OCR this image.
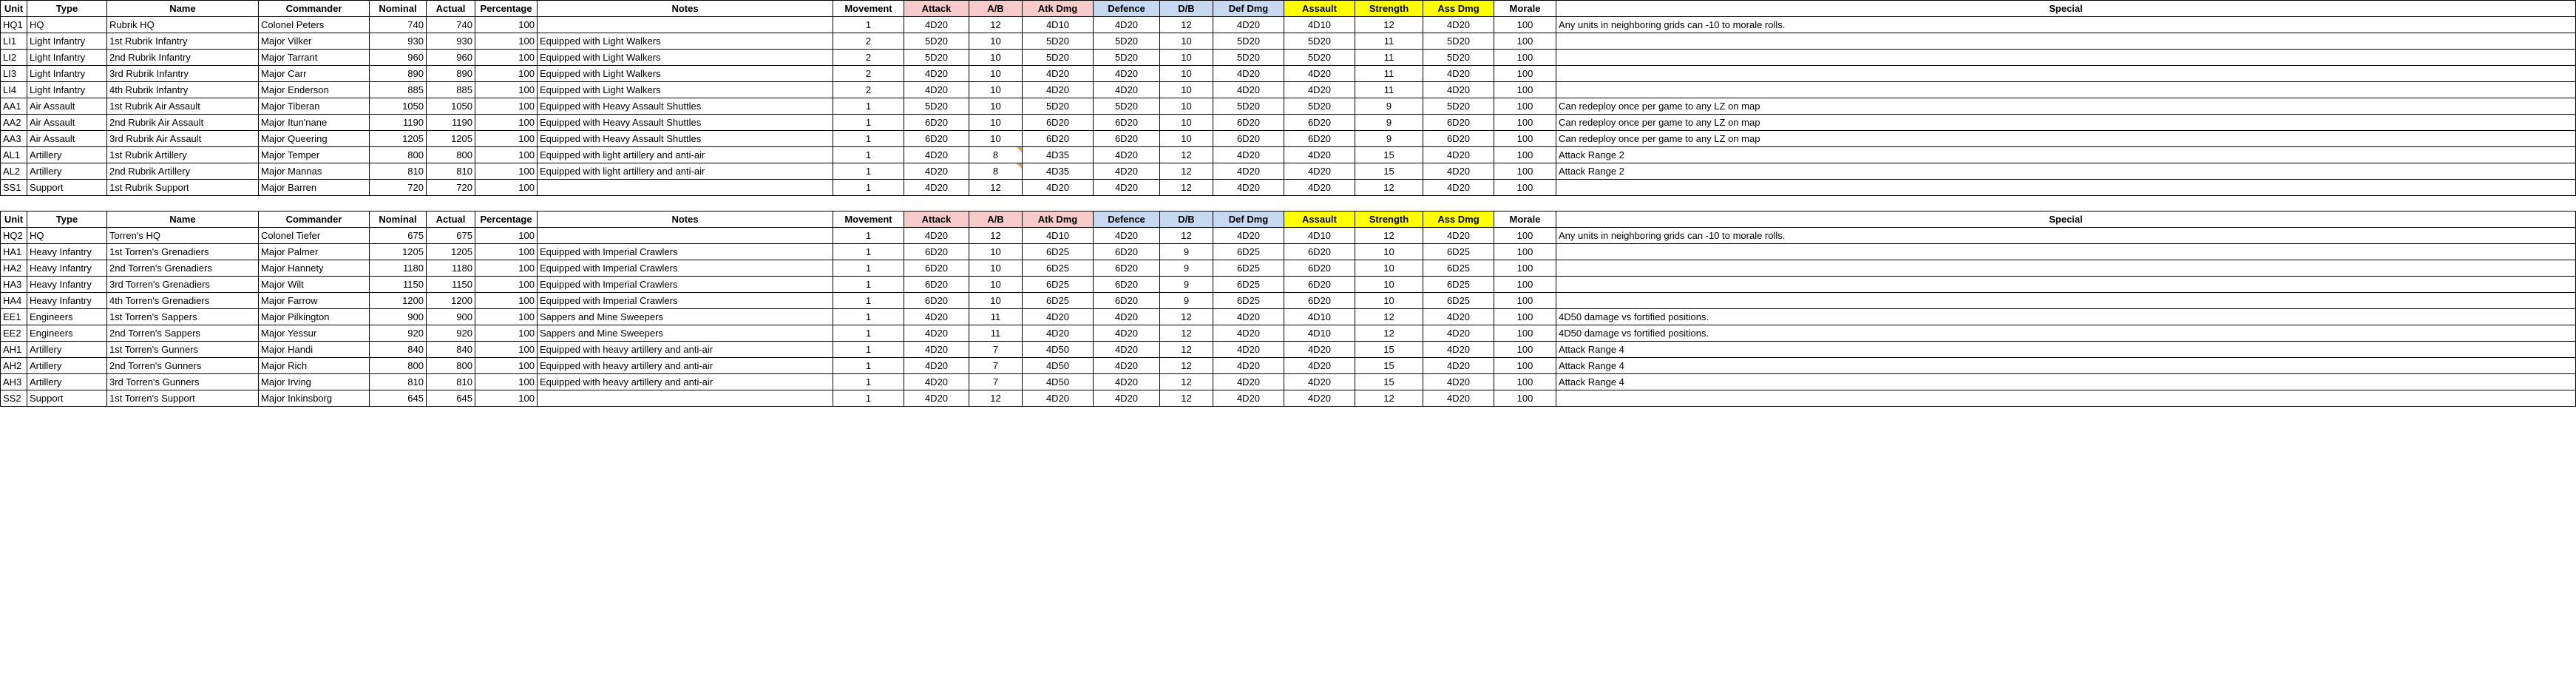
Unit	Type	Name	Commander	Nominal	Actual	Percentage	Notes	Movement	Attack	A/B	Atk Dmg	Defence	D/B	Def Dmg	Assault	Strength	Ass Dmg	Morale	Special
HQ1	HQ	Rubrik HQ	Colonel Peters	740	740	100		1	4D20	12	4D10	4D20	12	4D20	4D10	12	4D20	100	Any units in neighboring grids can -10 to morale rolls.
LI1	Light Infantry	1st Rubrik Infantry	Major Vilker	930	930	100	Equipped with Light Walkers	2	5D20	10	5D20	5D20	10	5D20	5D20	11	5D20	100	
LI2	Light Infantry	2nd Rubrik Infantry	Major Tarrant	960	960	100	Equipped with Light Walkers	2	5D20	10	5D20	5D20	10	5D20	5D20	11	5D20	100	
LI3	Light Infantry	3rd Rubrik Infantry	Major Carr	890	890	100	Equipped with Light Walkers	2	4D20	10	4D20	4D20	10	4D20	4D20	11	4D20	100	
LI4	Light Infantry	4th Rubrik Infantry	Major Enderson	885	885	100	Equipped with Light Walkers	2	4D20	10	4D20	4D20	10	4D20	4D20	11	4D20	100	
AA1	Air Assault	1st Rubrik Air Assault	Major Tiberan	1050	1050	100	Equipped with Heavy Assault Shuttles	1	5D20	10	5D20	5D20	10	5D20	5D20	9	5D20	100	Can redeploy once per game to any LZ on map
AA2	Air Assault	2nd Rubrik Air Assault	Major Itun'nane	1190	1190	100	Equipped with Heavy Assault Shuttles	1	6D20	10	6D20	6D20	10	6D20	6D20	9	6D20	100	Can redeploy once per game to any LZ on map
AA3	Air Assault	3rd Rubrik Air Assault	Major Queering	1205	1205	100	Equipped with Heavy Assault Shuttles	1	6D20	10	6D20	6D20	10	6D20	6D20	9	6D20	100	Can redeploy once per game to any LZ on map
AL1	Artillery	1st Rubrik Artillery	Major Temper	800	800	100	Equipped with light artillery and anti-air	1	4D20	8	4D35	4D20	12	4D20	4D20	15	4D20	100	Attack Range 2
AL2	Artillery	2nd Rubrik Artillery	Major Mannas	810	810	100	Equipped with light artillery and anti-air	1	4D20	8	4D35	4D20	12	4D20	4D20	15	4D20	100	Attack Range 2
SS1	Support	1st Rubrik Support	Major Barren	720	720	100		1	4D20	12	4D20	4D20	12	4D20	4D20	12	4D20	100	
Unit	Type	Name	Commander	Nominal	Actual	Percentage	Notes	Movement	Attack	A/B	Atk Dmg	Defence	D/B	Def Dmg	Assault	Strength	Ass Dmg	Morale	Special
HQ2	HQ	Torren's HQ	Colonel Tiefer	675	675	100		1	4D20	12	4D10	4D20	12	4D20	4D10	12	4D20	100	Any units in neighboring grids can -10 to morale rolls.
HA1	Heavy Infantry	1st Torren's Grenadiers	Major Palmer	1205	1205	100	Equipped with Imperial Crawlers	1	6D20	10	6D25	6D20	9	6D25	6D20	10	6D25	100	
HA2	Heavy Infantry	2nd Torren's Grenadiers	Major Hannety	1180	1180	100	Equipped with Imperial Crawlers	1	6D20	10	6D25	6D20	9	6D25	6D20	10	6D25	100	
HA3	Heavy Infantry	3rd Torren's Grenadiers	Major Wilt	1150	1150	100	Equipped with Imperial Crawlers	1	6D20	10	6D25	6D20	9	6D25	6D20	10	6D25	100	
HA4	Heavy Infantry	4th Torren's Grenadiers	Major Farrow	1200	1200	100	Equipped with Imperial Crawlers	1	6D20	10	6D25	6D20	9	6D25	6D20	10	6D25	100	
EE1	Engineers	1st Torren's Sappers	Major Pilkington	900	900	100	Sappers and Mine Sweepers	1	4D20	11	4D20	4D20	12	4D20	4D10	12	4D20	100	4D50 damage vs fortified positions.
EE2	Engineers	2nd Torren's Sappers	Major Yessur	920	920	100	Sappers and Mine Sweepers	1	4D20	11	4D20	4D20	12	4D20	4D10	12	4D20	100	4D50 damage vs fortified positions.
AH1	Artillery	1st Torren's Gunners	Major Handi	840	840	100	Equipped with heavy artillery and anti-air	1	4D20	7	4D50	4D20	12	4D20	4D20	15	4D20	100	Attack Range 4
AH2	Artillery	2nd Torren's Gunners	Major Rich	800	800	100	Equipped with heavy artillery and anti-air	1	4D20	7	4D50	4D20	12	4D20	4D20	15	4D20	100	Attack Range 4
AH3	Artillery	3rd Torren's Gunners	Major Irving	810	810	100	Equipped with heavy artillery and anti-air	1	4D20	7	4D50	4D20	12	4D20	4D20	15	4D20	100	Attack Range 4
SS2	Support	1st Torren's Support	Major Inkinsborg	645	645	100		1	4D20	12	4D20	4D20	12	4D20	4D20	12	4D20	100	
